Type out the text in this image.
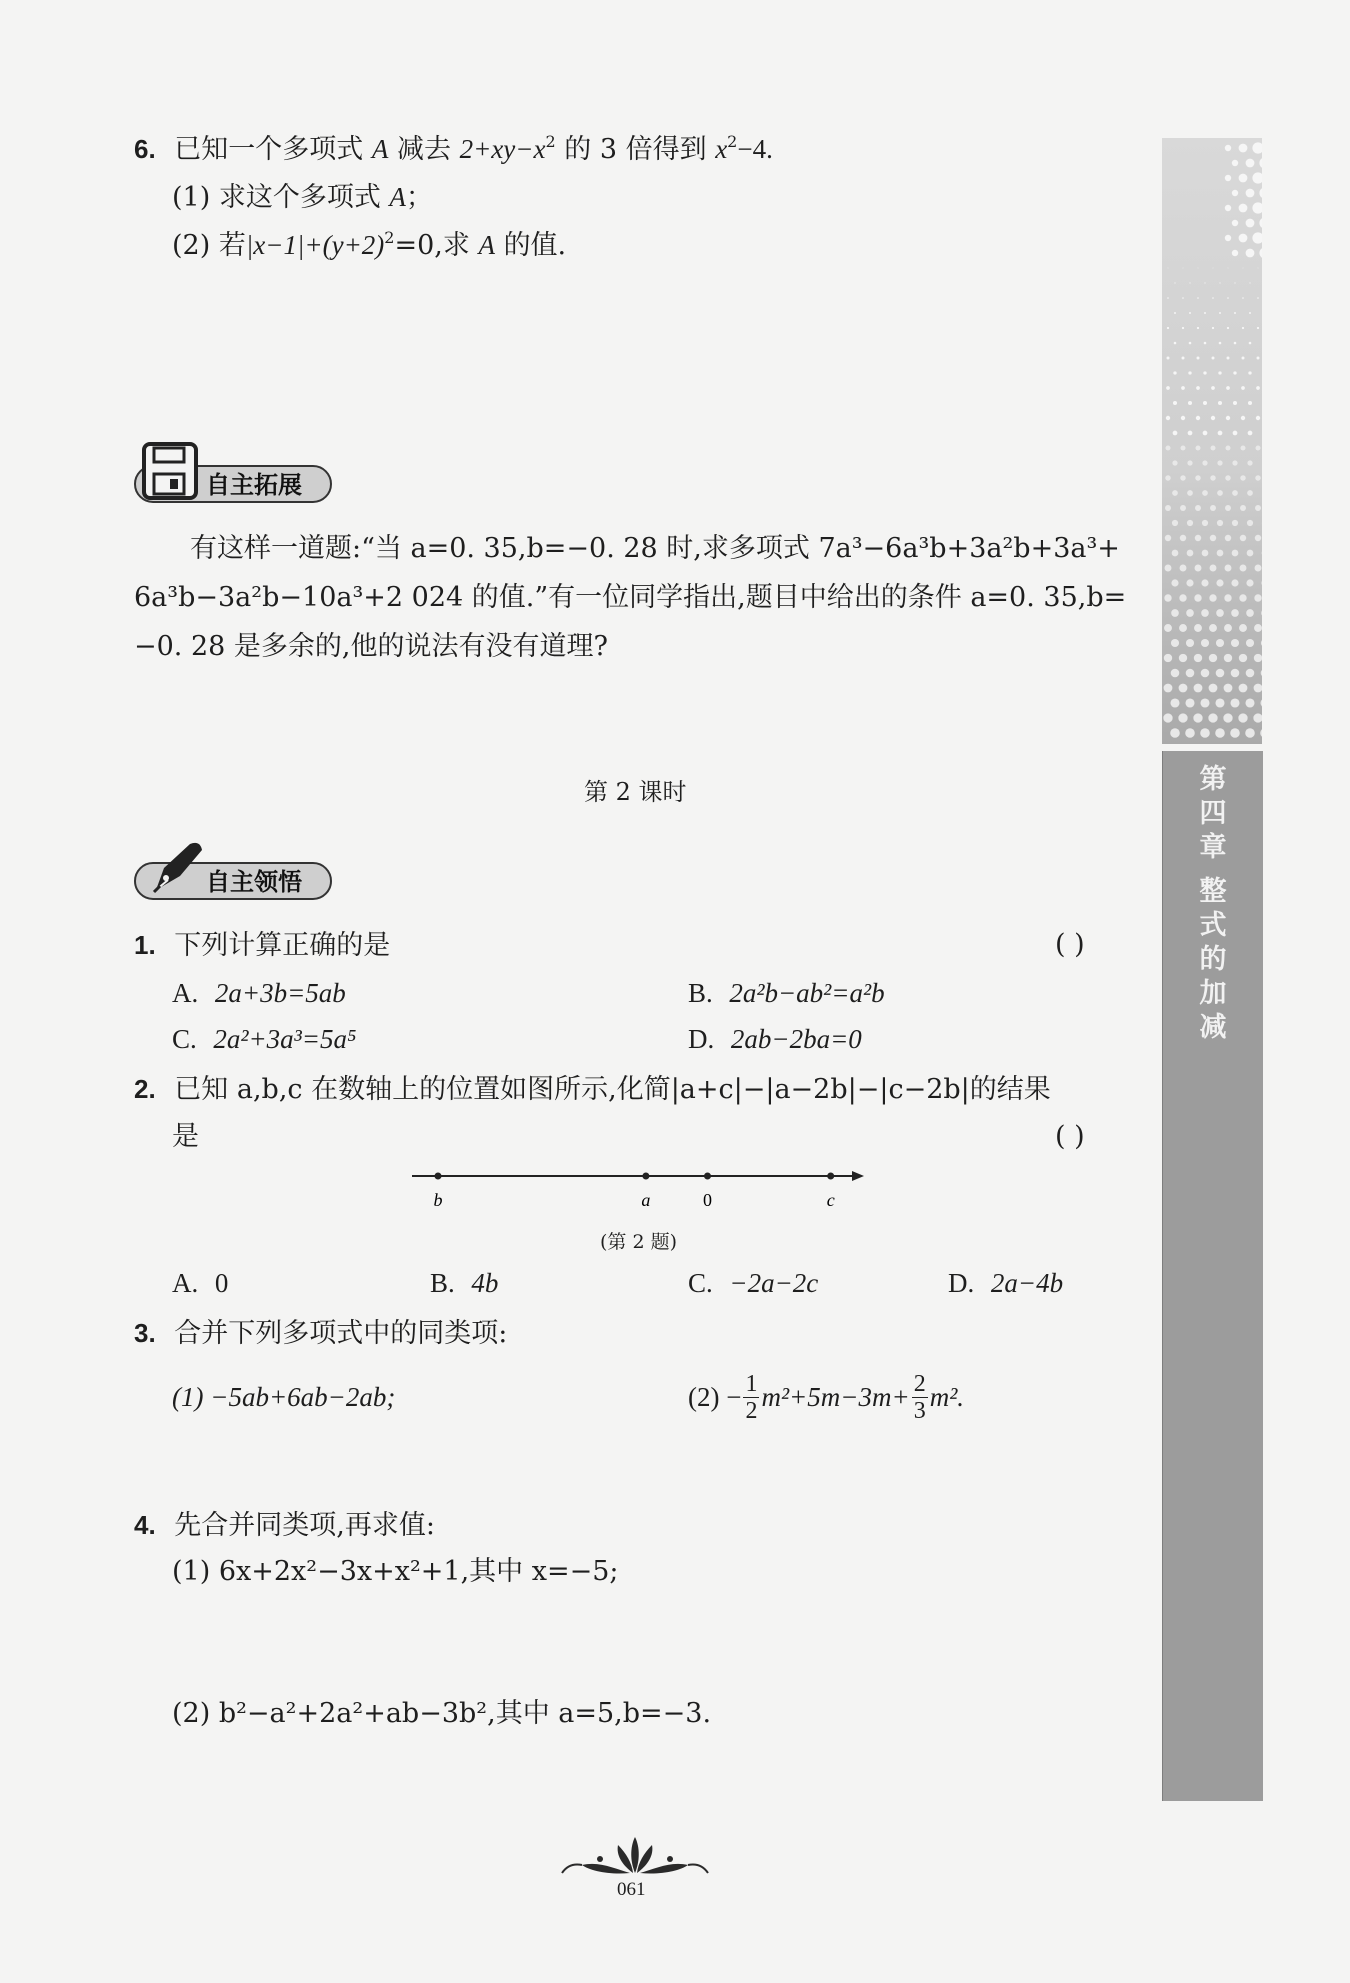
6. 已知一个多项式 A 减去 $2+xy-x^2$ 的 3 倍得到 $x^2-4$.
(1) 求这个多项式 A；
(2) 若$|x-1|+(y+2)^2=0$,求 A 的值.
自主拓展
有这样一道题:“当 a=0. 35,b=−0. 28 时,求多项式 7a³−6a³b+3a²b+3a³+
6a³b−3a²b−10a³+2 024 的值.”有一位同学指出,题目中给出的条件 a=0. 35,b=
−0. 28 是多余的,他的说法有没有道理?
第 2 课时
自主领悟
1. 下列计算正确的是	( )
A. 2a+3b=5ab	B. 2a²b−ab²=a²b
C. 2a²+3a³=5a⁵	D. 2ab−2ba=0
2. 已知 a,b,c 在数轴上的位置如图所示,化简|a+c|−|a−2b|−|c−2b|的结果
是	( )
b	a	0	c
(第 2 题)
A. 0	B. 4b	C. −2a−2c	D. 2a−4b
3. 合并下列多项式中的同类项:
(1) −5ab+6ab−2ab;	$(2) - \frac{1}{2} m^2+5m-3m+ \frac{2}{3} m^2$.
4. 先合并同类项,再求值:
(1) 6x+2x²−3x+x²+1,其中 x=−5;
(2) b²−a²+2a²+ab−3b²,其中 a=5,b=−3.
第
四
章
整
式
的
加
减
061
